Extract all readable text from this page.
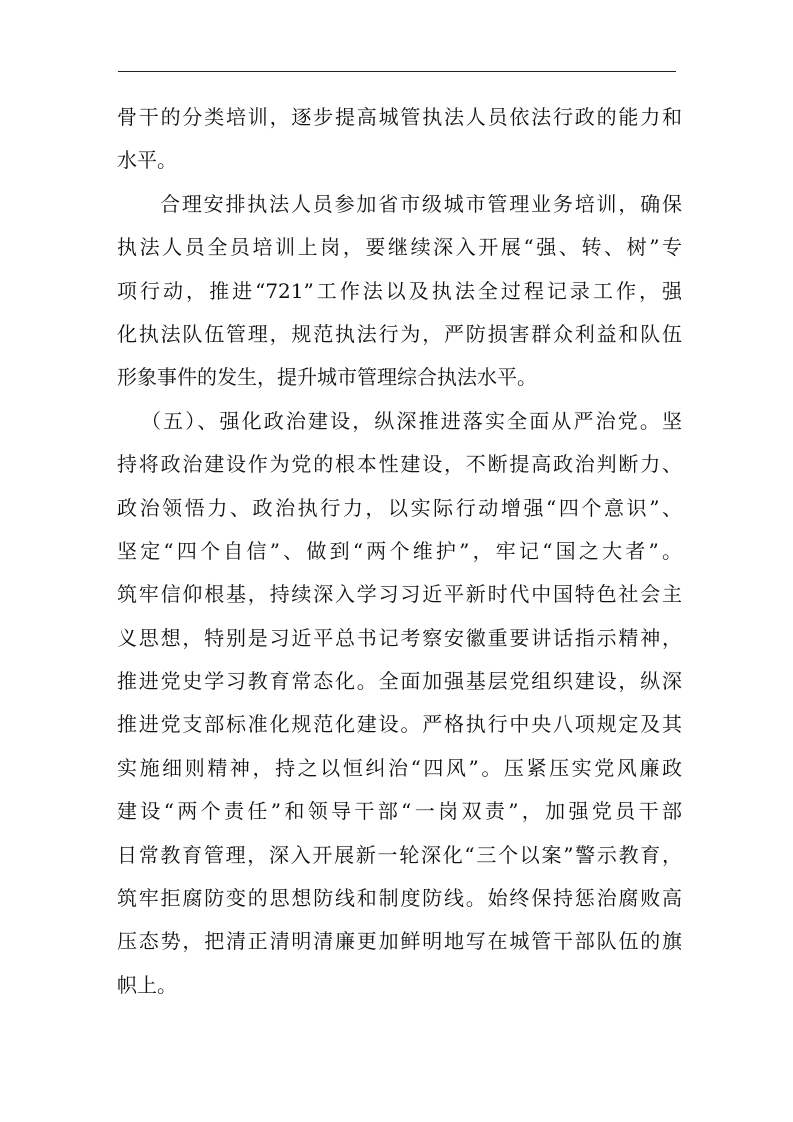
骨干的分类培训，逐步提高城管执法人员依法行政的能力和
水平。
合理安排执法人员参加省市级城市管理业务培训，确保
执法人员全员培训上岗，要继续深入开展“强、转、树”专
项行动，推进“721”工作法以及执法全过程记录工作，强
化执法队伍管理，规范执法行为，严防损害群众利益和队伍
形象事件的发生，提升城市管理综合执法水平。
（五）、强化政治建设，纵深推进落实全面从严治党。坚
持将政治建设作为党的根本性建设，不断提高政治判断力、
政治领悟力、政治执行力，以实际行动增强“四个意识”、
坚定“四个自信”、做到“两个维护”，牢记“国之大者”。
筑牢信仰根基，持续深入学习习近平新时代中国特色社会主
义思想，特别是习近平总书记考察安徽重要讲话指示精神，
推进党史学习教育常态化。全面加强基层党组织建设，纵深
推进党支部标准化规范化建设。严格执行中央八项规定及其
实施细则精神，持之以恒纠治“四风”。压紧压实党风廉政
建设“两个责任”和领导干部“一岗双责”，加强党员干部
日常教育管理，深入开展新一轮深化“三个以案”警示教育，
筑牢拒腐防变的思想防线和制度防线。始终保持惩治腐败高
压态势，把清正清明清廉更加鲜明地写在城管干部队伍的旗
帜上。
